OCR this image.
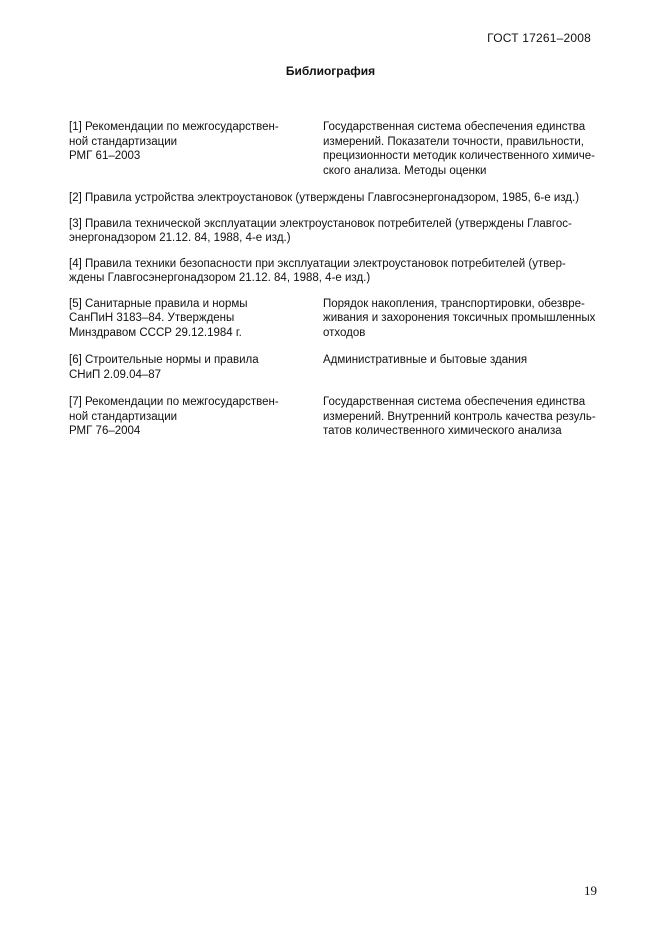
ГОСТ 17261–2008
Библиография
[1] Рекомендации по межгосударствен-
ной стандартизации
РМГ 61–2003
Государственная система обеспечения единства
измерений. Показатели точности, правильности,
прецизионности методик количественного химиче-
ского анализа. Методы оценки
[2] Правила устройства электроустановок (утверждены Главгосэнергонадзором, 1985, 6-е изд.)
[3] Правила технической эксплуатации электроустановок потребителей (утверждены Главгос-
энергонадзором 21.12. 84, 1988, 4-е изд.)
[4] Правила техники безопасности при эксплуатации электроустановок потребителей (утвер-
ждены Главгосэнергонадзором 21.12. 84, 1988, 4-е изд.)
[5] Санитарные правила и нормы
СанПиН 3183–84. Утверждены
Минздравом СССР 29.12.1984 г.
Порядок накопления, транспортировки, обезвре-
живания и захоронения токсичных промышленных
отходов
[6] Строительные нормы и правила
СНиП 2.09.04–87
Административные и бытовые здания
[7] Рекомендации по межгосударствен-
ной стандартизации
РМГ 76–2004
Государственная система обеспечения единства
измерений. Внутренний контроль качества резуль-
татов количественного химического анализа
19
